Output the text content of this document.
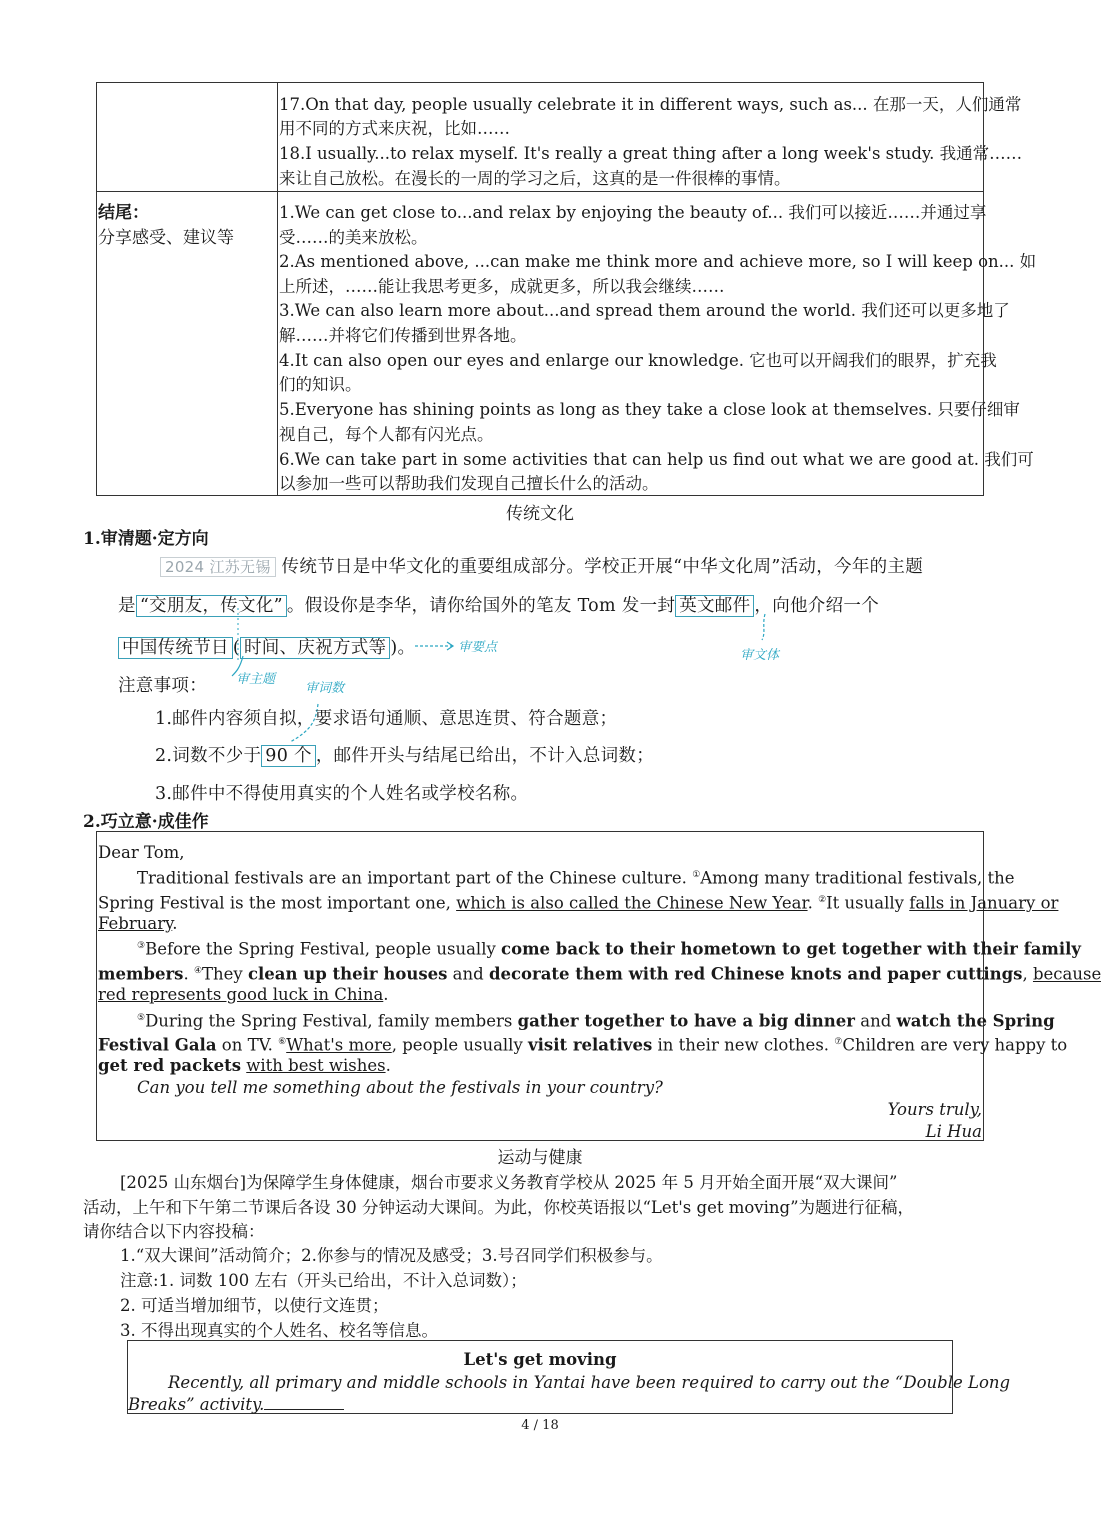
17.On that day, people usually celebrate it in different ways, such as... 在那一天，人们通常
用不同的方式来庆祝，比如……
18.I usually...to relax myself. It's really a great thing after a long week's study. 我通常……
来让自己放松。在漫长的一周的学习之后，这真的是一件很棒的事情。
结尾：
分享感受、建议等
1.We can get close to...and relax by enjoying the beauty of... 我们可以接近……并通过享
受……的美来放松。
2.As mentioned above, ...can make me think more and achieve more, so I will keep on... 如
上所述，……能让我思考更多，成就更多，所以我会继续……
3.We can also learn more about...and spread them around the world. 我们还可以更多地了
解……并将它们传播到世界各地。
4.It can also open our eyes and enlarge our knowledge. 它也可以开阔我们的眼界，扩充我
们的知识。
5.Everyone has shining points as long as they take a close look at themselves. 只要仔细审
视自己，每个人都有闪光点。
6.We can take part in some activities that can help us find out what we are good at. 我们可
以参加一些可以帮助我们发现自己擅长什么的活动。
传统文化
1.审清题·定方向
2024 江苏无锡 传统节日是中华文化的重要组成部分。学校正开展“中华文化周”活动，今年的主题
是 “交朋友，传文化” 。假设你是李华，请你给国外的笔友 Tom 发一封 英文邮件 ，向他介绍一个
中国传统节日 ( 时间、庆祝方式等 )。	审要点
审文体
审主题
审词数
注意事项：
1.邮件内容须自拟，要求语句通顺、意思连贯、符合题意；
2.词数不少于 90 个 ，邮件开头与结尾已给出，不计入总词数；
3.邮件中不得使用真实的个人姓名或学校名称。
2.巧立意·成佳作
Dear Tom,
Traditional festivals are an important part of the Chinese culture. ①Among many traditional festivals, the
Spring Festival is the most important one, which is also called the Chinese New Year. ②It usually falls in January or
February.
③Before the Spring Festival, people usually come back to their hometown to get together with their family
members. ④They clean up their houses and decorate them with red Chinese knots and paper cuttings, because
red represents good luck in China.
⑤During the Spring Festival, family members gather together to have a big dinner and watch the Spring
Festival Gala on TV. ⑥What's more, people usually visit relatives in their new clothes. ⑦Children are very happy to
get red packets with best wishes.
Can you tell me something about the festivals in your country?
Yours truly,
Li Hua
运动与健康
[2025 山东烟台]为保障学生身体健康，烟台市要求义务教育学校从 2025 年 5 月开始全面开展“双大课间”
活动，上午和下午第二节课后各设 30 分钟运动大课间。为此，你校英语报以“Let's get moving”为题进行征稿，
请你结合以下内容投稿：
1.“双大课间”活动简介；2.你参与的情况及感受；3.号召同学们积极参与。
注意:1. 词数 100 左右（开头已给出，不计入总词数）；
2. 可适当增加细节，以使行文连贯；
3. 不得出现真实的个人姓名、校名等信息。
Let's get moving
Recently, all primary and middle schools in Yantai have been required to carry out the “Double Long
Breaks” activity.
4 / 18
